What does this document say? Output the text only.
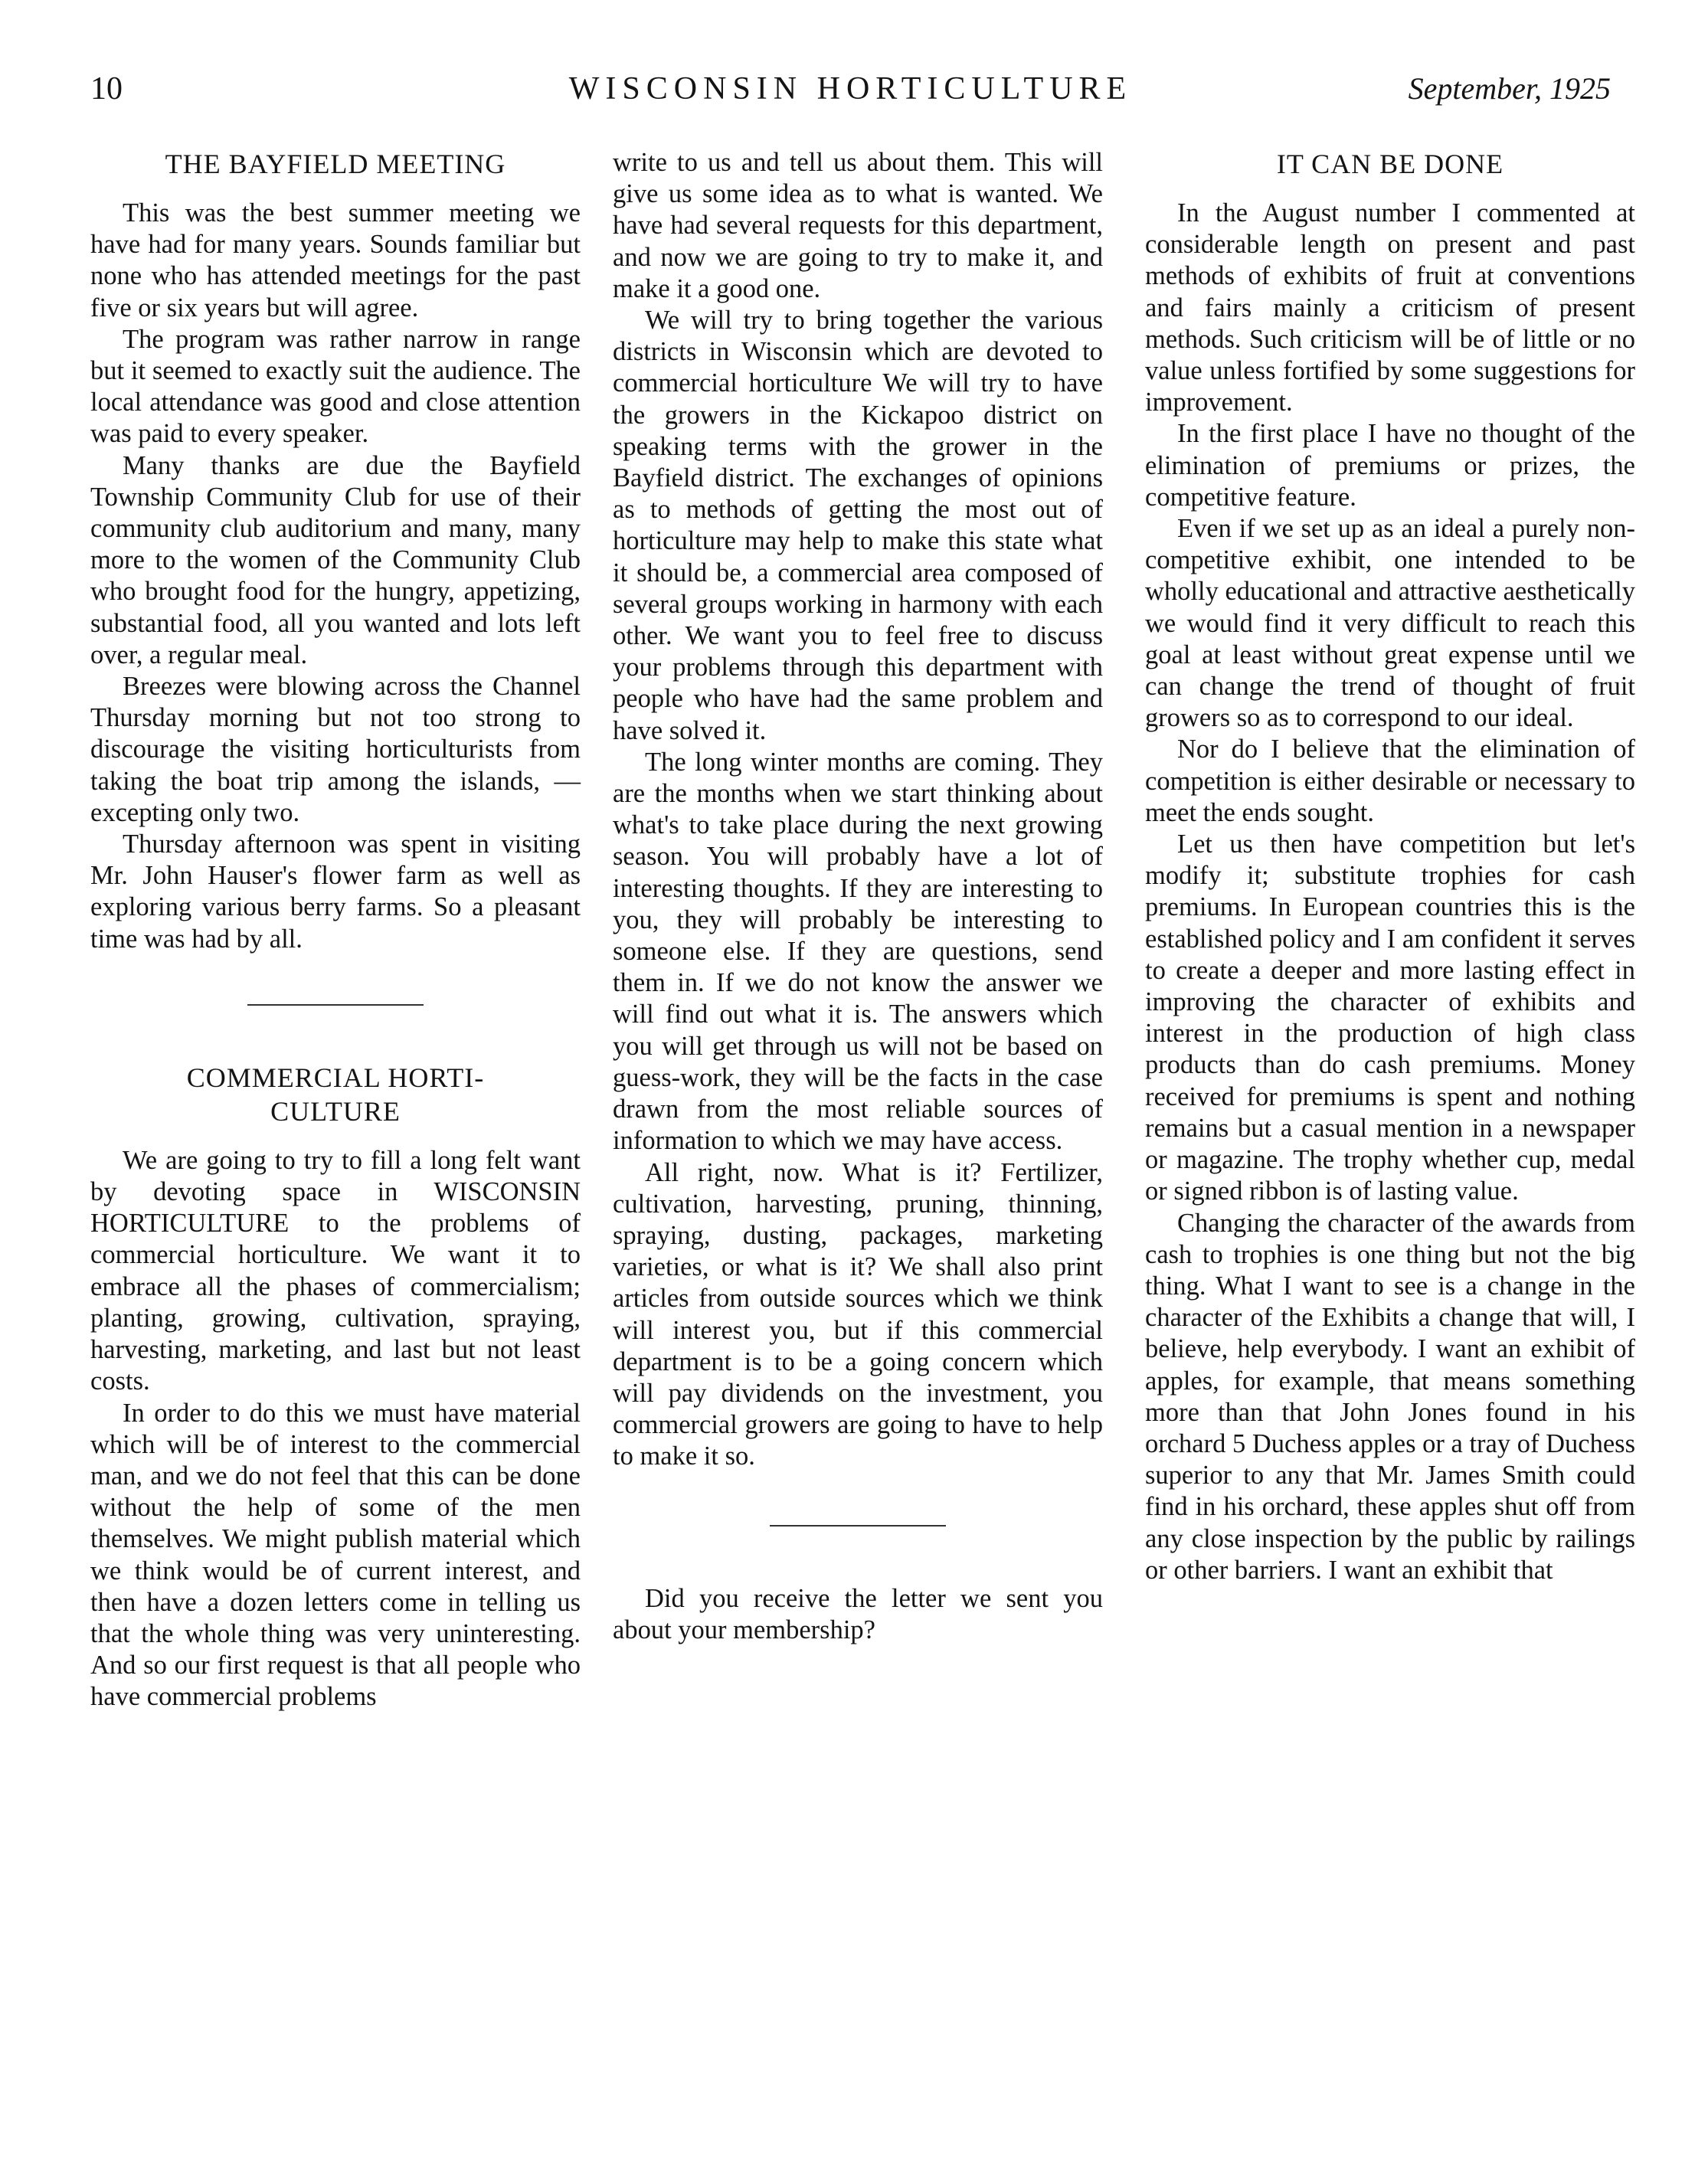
10	WISCONSIN HORTICULTURE	September, 1925
THE BAYFIELD MEETING

This was the best summer meeting we have had for many years. Sounds familiar but none who has attended meetings for the past five or six years but will agree.

The program was rather narrow in range but it seemed to exactly suit the audience. The local attendance was good and close attention was paid to every speaker.

Many thanks are due the Bayfield Township Community Club for use of their community club auditorium and many, many more to the women of the Community Club who brought food for the hungry, appetizing, substantial food, all you wanted and lots left over, a regular meal.

Breezes were blowing across the Channel Thursday morning but not too strong to discourage the visiting horticulturists from taking the boat trip among the islands, — excepting only two.

Thursday afternoon was spent in visiting Mr. John Hauser's flower farm as well as exploring various berry farms. So a pleasant time was had by all.

COMMERCIAL HORTI-
CULTURE

We are going to try to fill a long felt want by devoting space in WISCONSIN HORTICULTURE to the problems of commercial horticulture. We want it to embrace all the phases of commercialism; planting, growing, cultivation, spraying, harvesting, marketing, and last but not least costs.

In order to do this we must have material which will be of interest to the commercial man, and we do not feel that this can be done without the help of some of the men themselves. We might publish material which we think would be of current interest, and then have a dozen letters come in telling us that the whole thing was very uninteresting. And so our first request is that all people who have commercial problems

write to us and tell us about them. This will give us some idea as to what is wanted. We have had several requests for this department, and now we are going to try to make it, and make it a good one.

We will try to bring together the various districts in Wisconsin which are devoted to commercial horticulture We will try to have the growers in the Kickapoo district on speaking terms with the grower in the Bayfield district. The exchanges of opinions as to methods of getting the most out of horticulture may help to make this state what it should be, a commercial area composed of several groups working in harmony with each other. We want you to feel free to discuss your problems through this department with people who have had the same problem and have solved it.

The long winter months are coming. They are the months when we start thinking about what's to take place during the next growing season. You will probably have a lot of interesting thoughts. If they are interesting to you, they will probably be interesting to someone else. If they are questions, send them in. If we do not know the answer we will find out what it is. The answers which you will get through us will not be based on guess-work, they will be the facts in the case drawn from the most reliable sources of information to which we may have access.

All right, now. What is it? Fertilizer, cultivation, harvesting, pruning, thinning, spraying, dusting, packages, marketing varieties, or what is it? We shall also print articles from outside sources which we think will interest you, but if this commercial department is to be a going concern which will pay dividends on the investment, you commercial growers are going to have to help to make it so.

Did you receive the letter we sent you about your membership?

IT CAN BE DONE

In the August number I commented at considerable length on present and past methods of exhibits of fruit at conventions and fairs mainly a criticism of present methods. Such criticism will be of little or no value unless fortified by some suggestions for improvement.

In the first place I have no thought of the elimination of premiums or prizes, the competitive feature.

Even if we set up as an ideal a purely non-competitive exhibit, one intended to be wholly educational and attractive aesthetically we would find it very difficult to reach this goal at least without great expense until we can change the trend of thought of fruit growers so as to correspond to our ideal.

Nor do I believe that the elimination of competition is either desirable or necessary to meet the ends sought.

Let us then have competition but let's modify it; substitute trophies for cash premiums. In European countries this is the established policy and I am confident it serves to create a deeper and more lasting effect in improving the character of exhibits and interest in the production of high class products than do cash premiums. Money received for premiums is spent and nothing remains but a casual mention in a newspaper or magazine. The trophy whether cup, medal or signed ribbon is of lasting value.

Changing the character of the awards from cash to trophies is one thing but not the big thing. What I want to see is a change in the character of the Exhibits a change that will, I believe, help everybody. I want an exhibit of apples, for example, that means something more than that John Jones found in his orchard 5 Duchess apples or a tray of Duchess superior to any that Mr. James Smith could find in his orchard, these apples shut off from any close inspection by the public by railings or other barriers. I want an exhibit that
